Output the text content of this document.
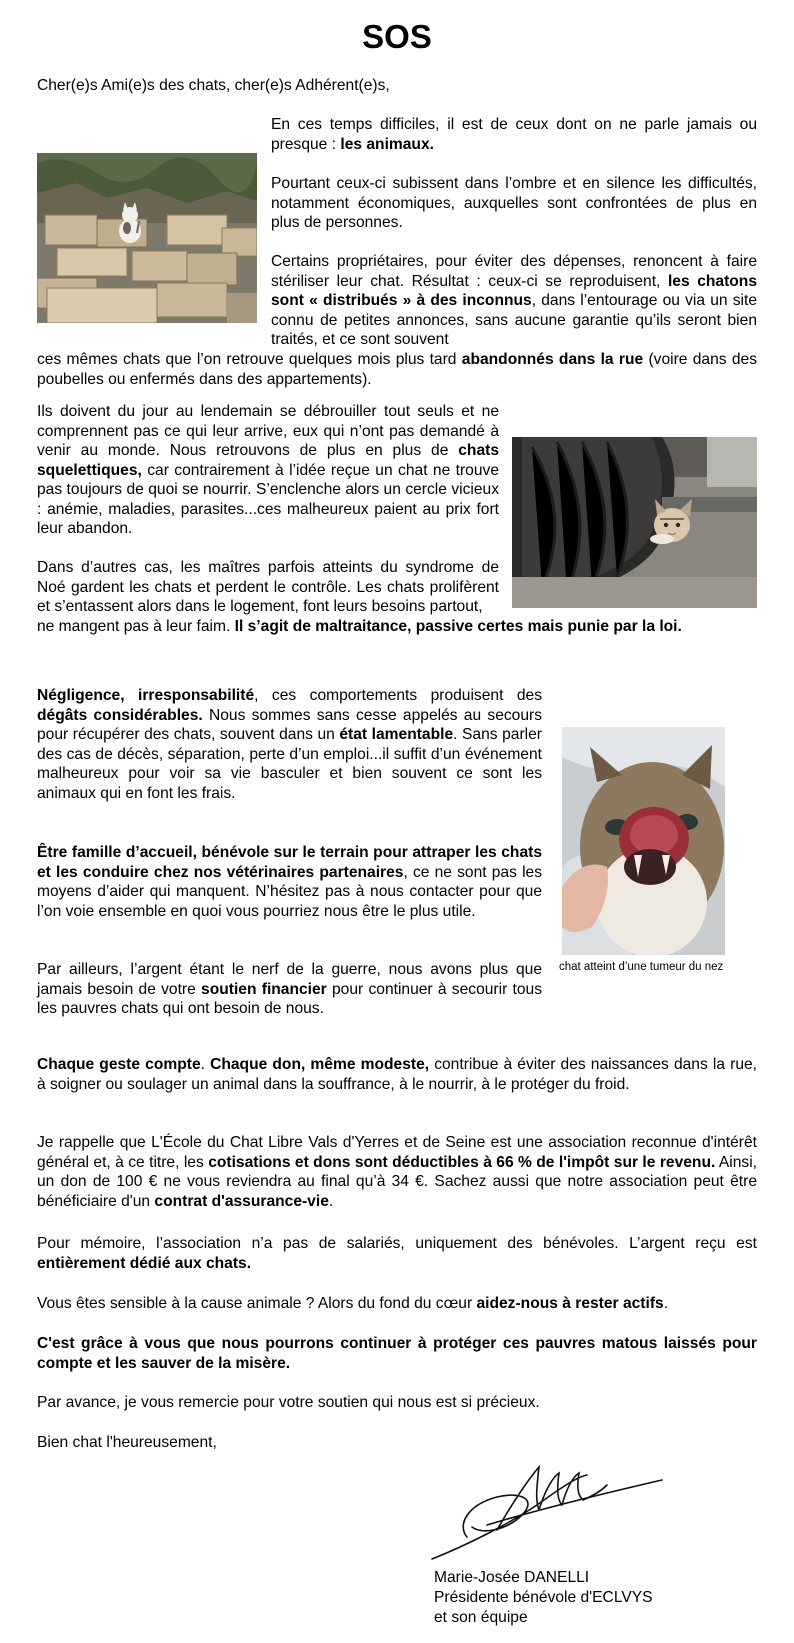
SOS

Cher(e)s Ami(e)s des chats, cher(e)s Adhérent(e)s,

En ces temps difficiles, il est de ceux dont on ne parle jamais ou presque : les animaux.

Pourtant ceux-ci subissent dans l’ombre et en silence les difficultés, notamment économiques, auxquelles sont confrontées de plus en plus de personnes.

Certains propriétaires, pour éviter des dépenses, renoncent à faire stériliser leur chat. Résultat : ceux-ci se reproduisent, les chatons sont « distribués » à des inconnus, dans l’entourage ou via un site connu de petites annonces, sans aucune garantie qu’ils seront bien traités, et ce sont souvent

ces mêmes chats que l’on retrouve quelques mois plus tard abandonnés dans la rue (voire dans des poubelles ou enfermés dans des appartements).

Ils doivent du jour au lendemain se débrouiller tout seuls et ne comprennent pas ce qui leur arrive, eux qui n’ont pas demandé à venir au monde. Nous retrouvons de plus en plus de chats squelettiques, car contrairement à l’idée reçue un chat ne trouve pas toujours de quoi se nourrir. S’enclenche alors un cercle vicieux : anémie, maladies, parasites...ces malheureux paient au prix fort leur abandon.

Dans d’autres cas, les maîtres parfois atteints du syndrome de Noé gardent les chats et perdent le contrôle. Les chats prolifèrent et s’entassent alors dans le logement, font leurs besoins partout,

ne mangent pas à leur faim. Il s’agit de maltraitance, passive certes mais punie par la loi.

chat atteint d’une tumeur du nez

Négligence, irresponsabilité, ces comportements produisent des dégâts considérables. Nous sommes sans cesse appelés au secours pour récupérer des chats, souvent dans un état lamentable. Sans parler des cas de décès, séparation, perte d’un emploi...il suffit d’un événement malheureux pour voir sa vie basculer et bien souvent ce sont les animaux qui en font les frais.

Être famille d’accueil, bénévole sur le terrain pour attraper les chats et les conduire chez nos vétérinaires partenaires, ce ne sont pas les moyens d’aider qui manquent. N’hésitez pas à nous contacter pour que l’on voie ensemble en quoi vous pourriez nous être le plus utile.

Par ailleurs, l’argent étant le nerf de la guerre, nous avons plus que jamais besoin de votre soutien financier pour continuer à secourir tous les pauvres chats qui ont besoin de nous.

Chaque geste compte. Chaque don, même modeste, contribue à éviter des naissances dans la rue, à soigner ou soulager un animal dans la souffrance, à le nourrir, à le protéger du froid.

Je rappelle que L'École du Chat Libre Vals d'Yerres et de Seine est une association reconnue d'intérêt général et, à ce titre, les cotisations et dons sont déductibles à 66 % de l'impôt sur le revenu. Ainsi, un don de 100 € ne vous reviendra au final qu’à 34 €. Sachez aussi que notre association peut être bénéficiaire d'un contrat d'assurance-vie.

Pour mémoire, l’association n’a pas de salariés, uniquement des bénévoles. L’argent reçu est entièrement dédié aux chats.

Vous êtes sensible à la cause animale ? Alors du fond du cœur aidez-nous à rester actifs.

C'est grâce à vous que nous pourrons continuer à protéger ces pauvres matous laissés pour compte et les sauver de la misère.

Par avance, je vous remercie pour votre soutien qui nous est si précieux.

Bien chat l'heureusement,

Marie-Josée DANELLI
Présidente bénévole d'ECLVYS
et son équipe
